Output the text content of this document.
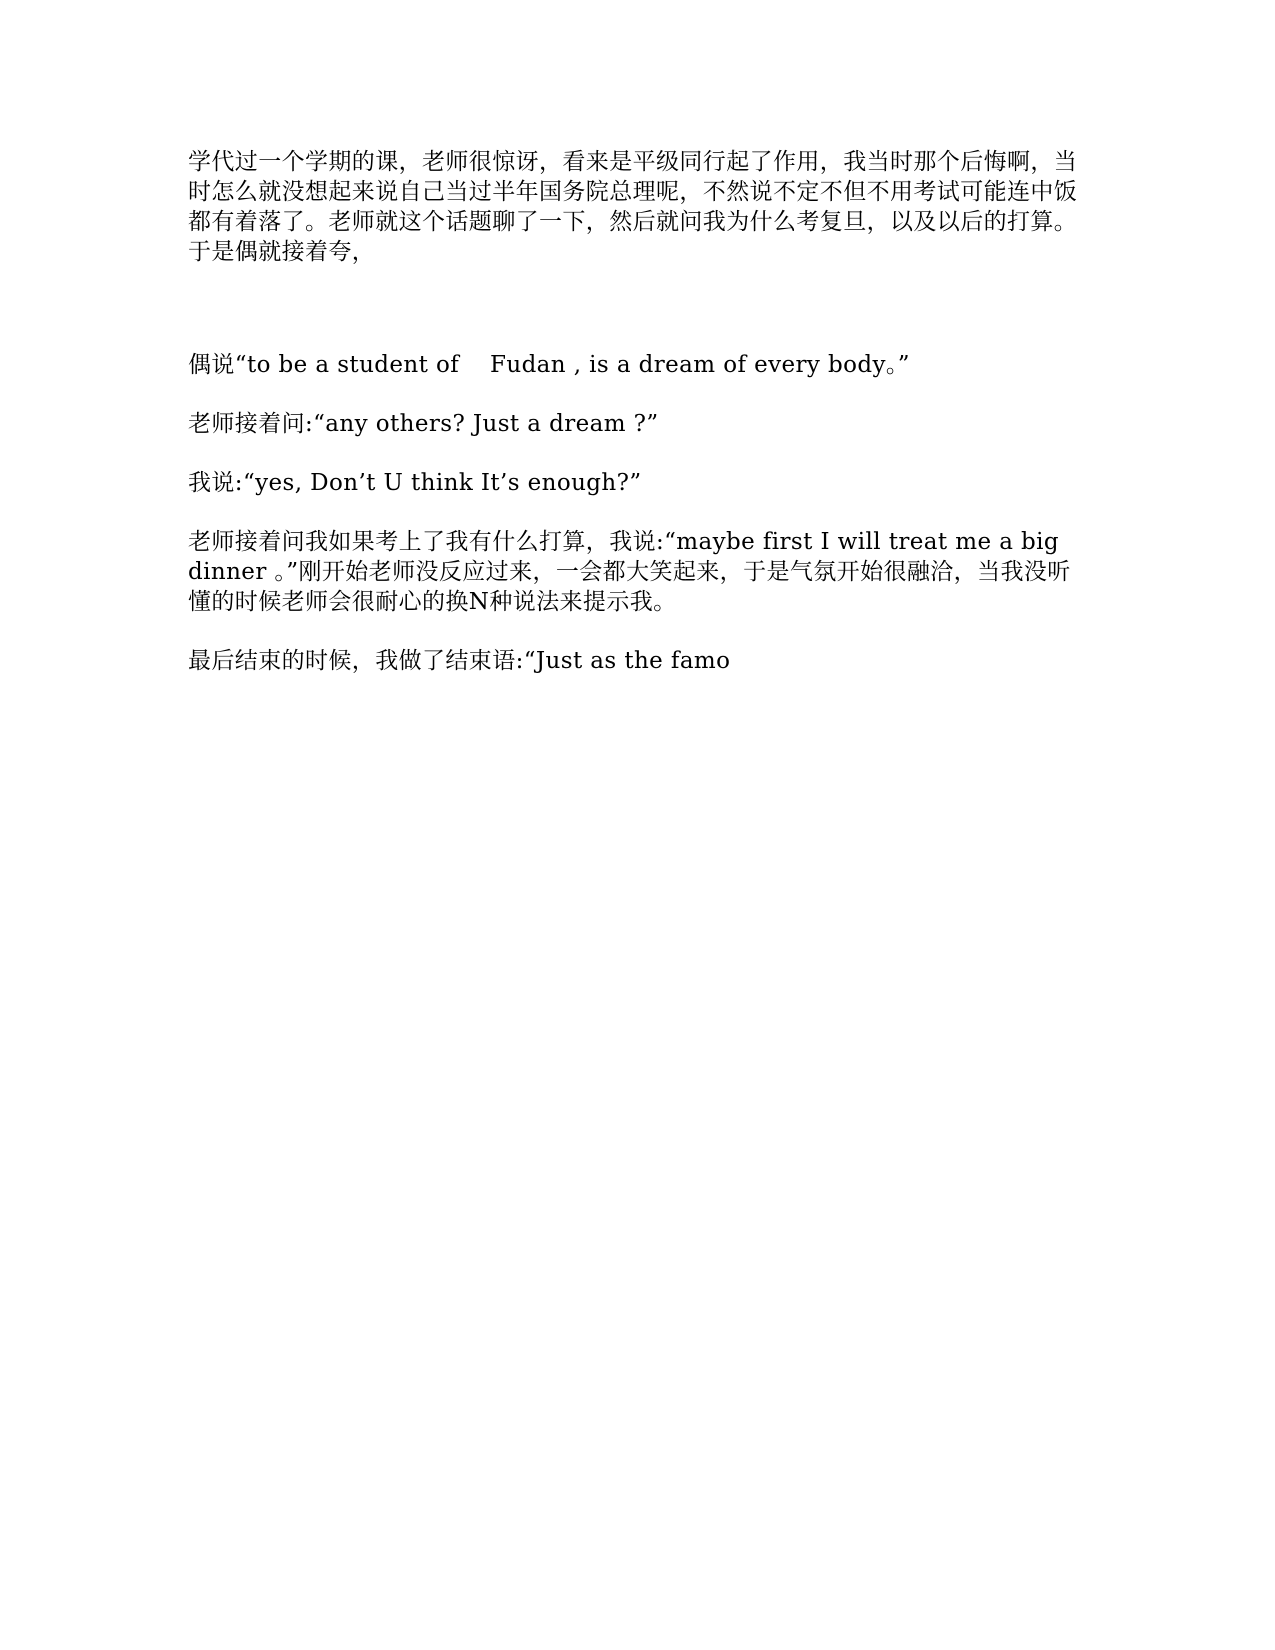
学代过一个学期的课，老师很惊讶，看来是平级同行起了作用，我当时那个后悔啊，当时怎么就没想起来说自己当过半年国务院总理呢，不然说不定不但不用考试可能连中饭都有着落了。老师就这个话题聊了一下，然后就问我为什么考复旦，以及以后的打算。于是偶就接着夸，

偶说“to be a student of    Fudan , is a dream of every body。”

老师接着问:“any others? Just a dream ?”

我说:“yes, Don’t U think It’s enough?”

老师接着问我如果考上了我有什么打算，我说:“maybe first I will treat me a big dinner 。”刚开始老师没反应过来，一会都大笑起来，于是气氛开始很融洽，当我没听懂的时候老师会很耐心的换N种说法来提示我。

最后结束的时候，我做了结束语:“Just as the famo
